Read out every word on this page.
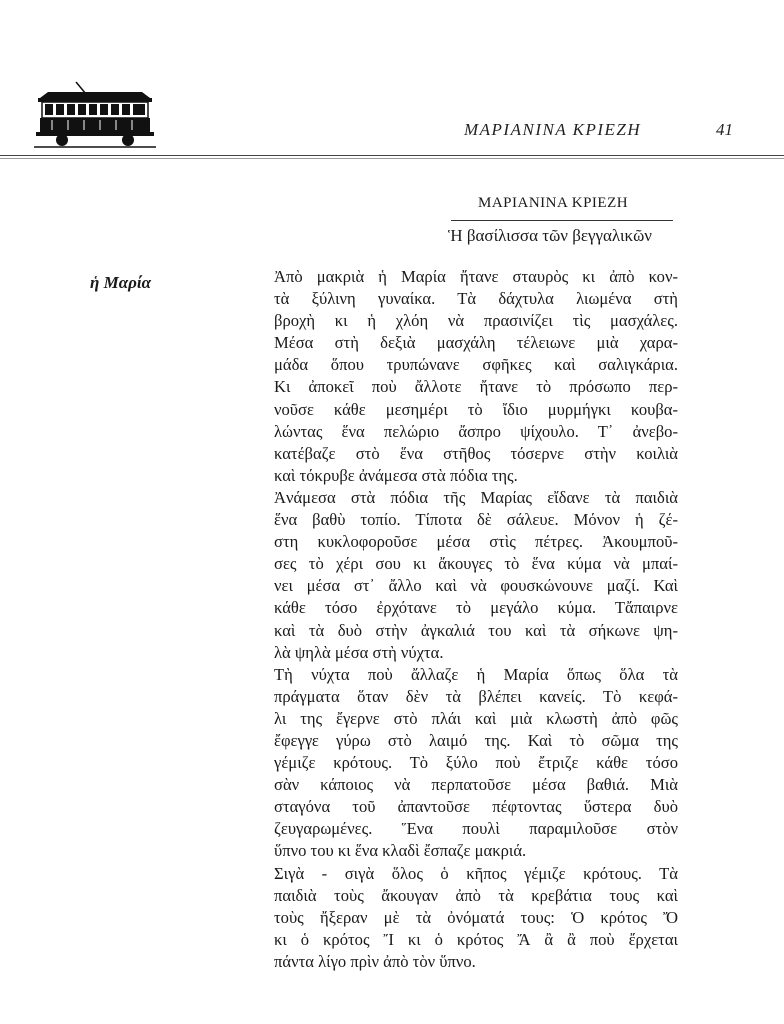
ΜΑΡΙΑΝΙΝΑ ΚΡΙΕΖΗ	41
ΜΑΡΙΑΝΙΝΑ ΚΡΙΕΖΗ
Ἡ βασίλισσα τῶν βεγγαλικῶν
ἡ Μαρία	Ἀπὸ μακριὰ ἡ Μαρία ἤτανε σταυρὸς κι ἀπὸ κον-
τὰ ξύλινη γυναίκα. Τὰ δάχτυλα λιωμένα στὴ
βροχὴ κι ἡ χλόη νὰ πρασινίζει τὶς μασχάλες.
Μέσα στὴ δεξιὰ μασχάλη τέλειωνε μιὰ χαρα-
μάδα ὅπου τρυπώνανε σφῆκες καὶ σαλιγκάρια.
Κι ἀποκεῖ ποὺ ἄλλοτε ἤτανε τὸ πρόσωπο περ-
νοῦσε κάθε μεσημέρι τὸ ἴδιο μυρμήγκι κουβα-
λώντας ἕνα πελώριο ἄσπρο ψίχουλο. Τ᾽ ἀνεβο-
κατέβαζε στὸ ἕνα στῆθος τόσερνε στὴν κοιλιὰ
καὶ τόκρυβε ἀνάμεσα στὰ πόδια της.
Ἀνάμεσα στὰ πόδια τῆς Μαρίας εἴδανε τὰ παιδιὰ
ἕνα βαθὺ τοπίο. Τίποτα δὲ σάλευε. Μόνον ἡ ζέ-
στη κυκλοφοροῦσε μέσα στὶς πέτρες. Ἀκουμποῦ-
σες τὸ χέρι σου κι ἄκουγες τὸ ἕνα κύμα νὰ μπαί-
νει μέσα στ᾽ ἄλλο καὶ νὰ φουσκώνουνε μαζί. Καὶ
κάθε τόσο ἐρχότανε τὸ μεγάλο κύμα. Τἄπαιρνε
καὶ τὰ δυὸ στὴν ἀγκαλιά του καὶ τὰ σήκωνε ψη-
λὰ ψηλὰ μέσα στὴ νύχτα.
Τὴ νύχτα ποὺ ἄλλαζε ἡ Μαρία ὅπως ὅλα τὰ
πράγματα ὅταν δὲν τὰ βλέπει κανείς. Τὸ κεφά-
λι της ἔγερνε στὸ πλάι καὶ μιὰ κλωστὴ ἀπὸ φῶς
ἔφεγγε γύρω στὸ λαιμό της. Καὶ τὸ σῶμα της
γέμιζε κρότους. Τὸ ξύλο ποὺ ἔτριζε κάθε τόσο
σὰν κάποιος νὰ περπατοῦσε μέσα βαθιά. Μιὰ
σταγόνα τοῦ ἀπαντοῦσε πέφτοντας ὕστερα δυὸ
ζευγαρωμένες. Ἕνα πουλὶ παραμιλοῦσε στὸν
ὕπνο του κι ἕνα κλαδὶ ἔσπαζε μακριά.
Σιγὰ - σιγὰ ὅλος ὁ κῆπος γέμιζε κρότους. Τὰ
παιδιὰ τοὺς ἄκουγαν ἀπὸ τὰ κρεβάτια τους καὶ
τοὺς ἤξεραν μὲ τὰ ὀνόματά τους: Ὁ κρότος Ὄ
κι ὁ κρότος Ἴ κι ὁ κρότος Ἄ ἂ ἂ ποὺ ἔρχεται
πάντα λίγο πρὶν ἀπὸ τὸν ὕπνο.
